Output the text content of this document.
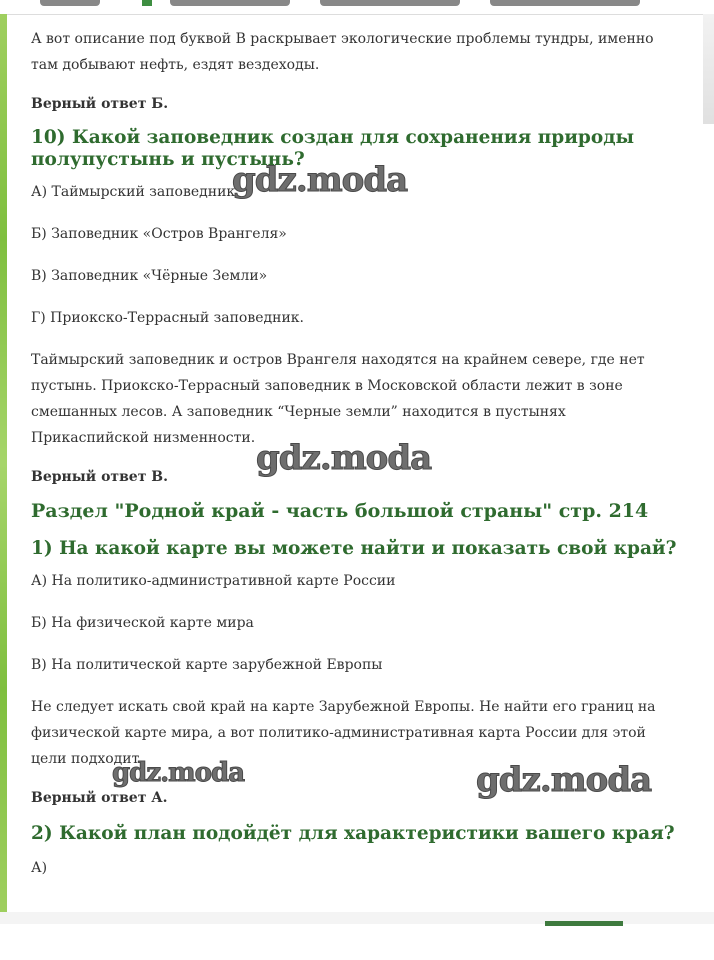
А вот описание под буквой В раскрывает экологические проблемы тундры, именно там добывают нефть, ездят вездеходы.

Верный ответ Б.

10) Какой заповедник создан для сохранения природы полупустынь и пустынь?

А) Таймырский заповедник

Б) Заповедник «Остров Врангеля»

В) Заповедник «Чёрные Земли»

Г) Приокско-Террасный заповедник.

Таймырский заповедник и остров Врангеля находятся на крайнем севере, где нет пустынь. Приокско-Террасный заповедник в Московской области лежит в зоне смешанных лесов. А заповедник “Черные земли” находится в пустынях Прикаспийской низменности.

Верный ответ В.

Раздел "Родной край - часть большой страны" стр. 214
1) На какой карте вы можете найти и показать свой край?

А) На политико-административной карте России

Б) На физической карте мира

В) На политической карте зарубежной Европы

Не следует искать свой край на карте Зарубежной Европы. Не найти его границ на физической карте мира, а вот политико-административная карта России для этой цели подходит.

Верный ответ А.

2) Какой план подойдёт для характеристики вашего края?

А)

gdz.moda
gdz.moda
gdz.moda	gdz.moda
